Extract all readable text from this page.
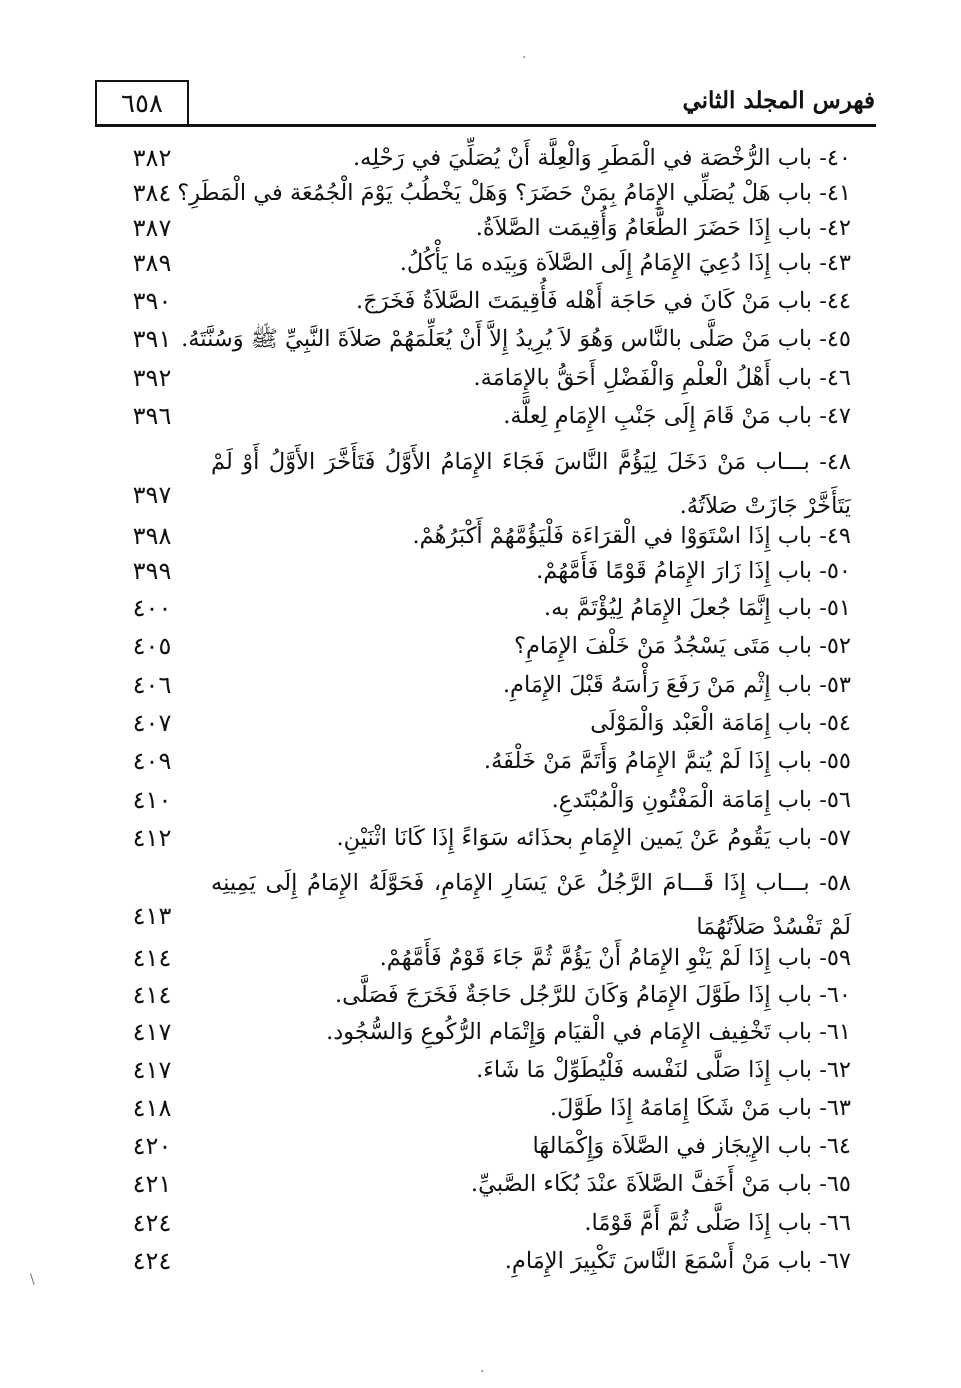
فهرس المجلد الثاني
٦٥٨
٤٠- باب الرُّخْصَة في الْمَطَرِ وَالْعِلَّة أَنْ يُصَلِّيَ في رَحْلِه.
٣٨٢
٤١- باب هَلْ يُصَلِّي الإِمَامُ بِمَنْ حَضَرَ؟ وَهَلْ يَخْطُبُ يَوْمَ الْجُمُعَة في الْمَطَرِ؟
٣٨٤
٤٢- باب إِذَا حَضَرَ الطَّعَامُ وَأُقِيمَت الصَّلاَةُ.
٣٨٧
٤٣- باب إِذَا دُعِيَ الإِمَامُ إِلَى الصَّلاَة وَبِيَده مَا يَأْكُلُ.
٣٨٩
٤٤- باب مَنْ كَانَ في حَاجَة أَهْله فَأُقِيمَتَ الصَّلاَةُ فَخَرَجَ.
٣٩٠
٤٥- باب مَنْ صَلَّى بالنَّاس وَهُوَ لاَ يُرِيدُ إِلاَّ أَنْ يُعَلِّمَهُمْ صَلاَةَ النَّبِيِّ ﷺ وَسُنَّتَهُ.
٣٩١
٤٦- باب أَهْلُ الْعلْمِ وَالْفَضْلِ أَحَقُّ بالإِمَامَة.
٣٩٢
٤٧- باب مَنْ قَامَ إِلَى جَنْبِ الإِمَامِ لِعلَّة.
٣٩٦
٤٨- بـــاب مَنْ دَخَلَ لِيَؤُمَّ النَّاسَ فَجَاءَ الإِمَامُ الأَوَّلُ فَتَأَخَّرَ الأَوَّلُ أَوْ لَمْ يَتَأَخَّرْ جَازَتْ صَلاَتُهُ.
٣٩٧
٤٩- باب إِذَا اسْتَوَوْا في الْقرَاءَة فَلْيَؤُمَّهُمْ أَكْبَرُهُمْ.
٣٩٨
٥٠- باب إِذَا زَارَ الإِمَامُ قَوْمًا فَأَمَّهُمْ.
٣٩٩
٥١- باب إِنَّمَا جُعلَ الإِمَامُ لِيُؤْتَمَّ به.
٤٠٠
٥٢- باب مَتَى يَسْجُدُ مَنْ خَلْفَ الإِمَامِ؟
٤٠٥
٥٣- باب إِثْم مَنْ رَفَعَ رَأْسَهُ قَبْلَ الإِمَامِ.
٤٠٦
٥٤- باب إِمَامَة الْعَبْد وَالْمَوْلَى
٤٠٧
٥٥- باب إِذَا لَمْ يُتمَّ الإِمَامُ وَأَتَمَّ مَنْ خَلْفَهُ.
٤٠٩
٥٦- باب إِمَامَة الْمَفْتُونِ وَالْمُبْتَدعِ.
٤١٠
٥٧- باب يَقُومُ عَنْ يَمين الإِمَامِ بحذَائه سَوَاءً إِذَا كَانَا اثْنَيْنِ.
٤١٢
٥٨- بـــاب إِذَا قَـــامَ الرَّجُلُ عَنْ يَسَارِ الإِمَامِ، فَحَوَّلَهُ الإِمَامُ إِلَى يَمِينِه لَمْ تَفْسُدْ صَلاَتُهُمَا
٤١٣
٥٩- باب إِذَا لَمْ يَنْوِ الإِمَامُ أَنْ يَؤُمَّ ثُمَّ جَاءَ قَوْمٌ فَأَمَّهُمْ.
٤١٤
٦٠- باب إِذَا طَوَّلَ الإِمَامُ وَكَانَ للرَّجُل حَاجَةٌ فَخَرَجَ فَصَلَّى.
٤١٤
٦١- باب تَخْفِيف الإِمَام في الْقيَام وَإِتْمَام الرُّكُوعِ وَالسُّجُود.
٤١٧
٦٢- باب إِذَا صَلَّى لنَفْسه فَلْيُطَوِّلْ مَا شَاءَ.
٤١٧
٦٣- باب مَنْ شَكَا إِمَامَهُ إِذَا طَوَّلَ.
٤١٨
٦٤- باب الإِيجَاز في الصَّلاَة وَإِكْمَالهَا
٤٢٠
٦٥- باب مَنْ أَخَفَّ الصَّلاَةَ عنْدَ بُكَاء الصَّبيِّ.
٤٢١
٦٦- باب إِذَا صَلَّى ثُمَّ أَمَّ قَوْمًا.
٤٢٤
٦٧- باب مَنْ أَسْمَعَ النَّاسَ تَكْبِيرَ الإِمَامِ.
٤٢٤
·
\
·
